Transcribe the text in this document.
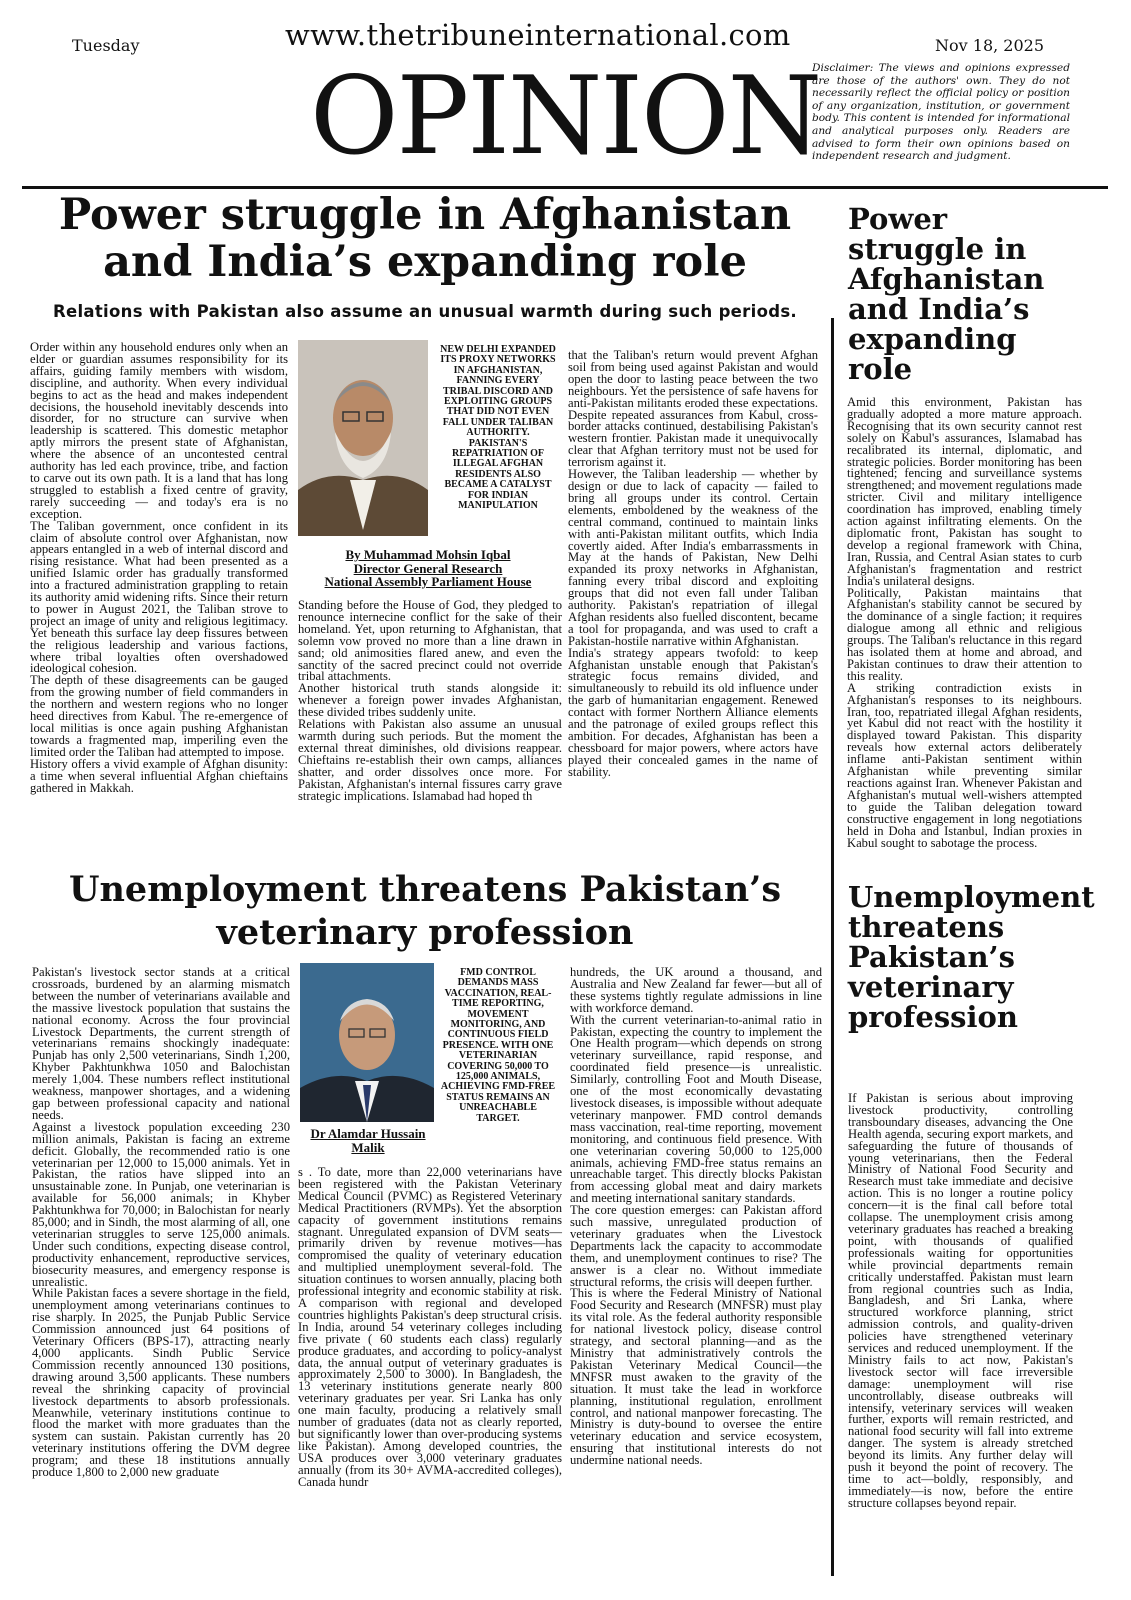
Tuesday	www.thetribuneinternational.com	Nov 18, 2025
OPINION
Disclaimer: The views and opinions expressed are those of the authors' own. They do not necessarily reflect the official policy or position of any organization, institution, or government body. This content is intended for informational and analytical purposes only. Readers are advised to form their own opinions based on independent research and judgment.
Power struggle in Afghanistan and India’s expanding role
Relations with Pakistan also assume an unusual warmth during such periods.

Order within any household endures only when an elder or guardian assumes responsibility for its affairs, guiding family members with wisdom, discipline, and authority. When every individual begins to act as the head and makes independent decisions, the household inevitably descends into disorder, for no structure can survive when leadership is scattered. This domestic metaphor aptly mirrors the present state of Afghanistan, where the absence of an uncontested central authority has led each province, tribe, and faction to carve out its own path. It is a land that has long struggled to establish a fixed centre of gravity, rarely succeeding — and today's era is no exception.

The Taliban government, once confident in its claim of absolute control over Afghanistan, now appears entangled in a web of internal discord and rising resistance. What had been presented as a unified Islamic order has gradually transformed into a fractured administration grappling to retain its authority amid widening rifts. Since their return to power in August 2021, the Taliban strove to project an image of unity and religious legitimacy. Yet beneath this surface lay deep fissures between the religious leadership and various factions, where tribal loyalties often overshadowed ideological cohesion.

The depth of these disagreements can be gauged from the growing number of field commanders in the northern and western regions who no longer heed directives from Kabul. The re-emergence of local militias is once again pushing Afghanistan towards a fragmented map, imperiling even the limited order the Taliban had attempted to impose.

History offers a vivid example of Afghan disunity: a time when several influential Afghan chieftains gathered in Makkah.

NEW DELHI EXPANDED ITS PROXY NETWORKS IN AFGHANISTAN, FANNING EVERY TRIBAL DISCORD AND EXPLOITING GROUPS THAT DID NOT EVEN FALL UNDER TALIBAN AUTHORITY. PAKISTAN'S REPATRIATION OF ILLEGAL AFGHAN RESIDENTS ALSO BECAME A CATALYST FOR INDIAN MANIPULATION
By Muhammad Mohsin Iqbal
Director General Research
National Assembly Parliament House

Standing before the House of God, they pledged to renounce internecine conflict for the sake of their homeland. Yet, upon returning to Afghanistan, that solemn vow proved no more than a line drawn in sand; old animosities flared anew, and even the sanctity of the sacred precinct could not override tribal attachments.

Another historical truth stands alongside it: whenever a foreign power invades Afghanistan, these divided tribes suddenly unite.

Relations with Pakistan also assume an unusual warmth during such periods. But the moment the external threat diminishes, old divisions reappear. Chieftains re-establish their own camps, alliances shatter, and order dissolves once more. For Pakistan, Afghanistan's internal fissures carry grave strategic implications. Islamabad had hoped th

that the Taliban's return would prevent Afghan soil from being used against Pakistan and would open the door to lasting peace between the two neighbours. Yet the persistence of safe havens for anti-Pakistan militants eroded these expectations. Despite repeated assurances from Kabul, cross-border attacks continued, destabilising Pakistan's western frontier. Pakistan made it unequivocally clear that Afghan territory must not be used for terrorism against it.

However, the Taliban leadership — whether by design or due to lack of capacity — failed to bring all groups under its control. Certain elements, emboldened by the weakness of the central command, continued to maintain links with anti-Pakistan militant outfits, which India covertly aided. After India's embarrassments in May at the hands of Pakistan, New Delhi expanded its proxy networks in Afghanistan, fanning every tribal discord and exploiting groups that did not even fall under Taliban authority. Pakistan's repatriation of illegal Afghan residents also fuelled discontent, became a tool for propaganda, and was used to craft a Pakistan-hostile narrative within Afghanistan.

India's strategy appears twofold: to keep Afghanistan unstable enough that Pakistan's strategic focus remains divided, and simultaneously to rebuild its old influence under the garb of humanitarian engagement. Renewed contact with former Northern Alliance elements and the patronage of exiled groups reflect this ambition. For decades, Afghanistan has been a chessboard for major powers, where actors have played their concealed games in the name of stability.

Power struggle in Afghanistan and India’s expanding role

Amid this environment, Pakistan has gradually adopted a more mature approach. Recognising that its own security cannot rest solely on Kabul's assurances, Islamabad has recalibrated its internal, diplomatic, and strategic policies. Border monitoring has been tightened; fencing and surveillance systems strengthened; and movement regulations made stricter. Civil and military intelligence coordination has improved, enabling timely action against infiltrating elements. On the diplomatic front, Pakistan has sought to develop a regional framework with China, Iran, Russia, and Central Asian states to curb Afghanistan's fragmentation and restrict India's unilateral designs.

Politically, Pakistan maintains that Afghanistan's stability cannot be secured by the dominance of a single faction; it requires dialogue among all ethnic and religious groups. The Taliban's reluctance in this regard has isolated them at home and abroad, and Pakistan continues to draw their attention to this reality.

A striking contradiction exists in Afghanistan's responses to its neighbours. Iran, too, repatriated illegal Afghan residents, yet Kabul did not react with the hostility it displayed toward Pakistan. This disparity reveals how external actors deliberately inflame anti-Pakistan sentiment within Afghanistan while preventing similar reactions against Iran. Whenever Pakistan and Afghanistan's mutual well-wishers attempted to guide the Taliban delegation toward constructive engagement in long negotiations held in Doha and Istanbul, Indian proxies in Kabul sought to sabotage the process.

Unemployment threatens Pakistan’s veterinary profession

Pakistan's livestock sector stands at a critical crossroads, burdened by an alarming mismatch between the number of veterinarians available and the massive livestock population that sustains the national economy. Across the four provincial Livestock Departments, the current strength of veterinarians remains shockingly inadequate: Punjab has only 2,500 veterinarians, Sindh 1,200, Khyber Pakhtunkhwa 1050 and Balochistan merely 1,004. These numbers reflect institutional weakness, manpower shortages, and a widening gap between professional capacity and national needs.

Against a livestock population exceeding 230 million animals, Pakistan is facing an extreme deficit. Globally, the recommended ratio is one veterinarian per 12,000 to 15,000 animals. Yet in Pakistan, the ratios have slipped into an unsustainable zone. In Punjab, one veterinarian is available for 56,000 animals; in Khyber Pakhtunkhwa for 70,000; in Balochistan for nearly 85,000; and in Sindh, the most alarming of all, one veterinarian struggles to serve 125,000 animals. Under such conditions, expecting disease control, productivity enhancement, reproductive services, biosecurity measures, and emergency response is unrealistic.

While Pakistan faces a severe shortage in the field, unemployment among veterinarians continues to rise sharply. In 2025, the Punjab Public Service Commission announced just 64 positions of Veterinary Officers (BPS-17), attracting nearly 4,000 applicants. Sindh Public Service Commission recently announced 130 positions, drawing around 3,500 applicants. These numbers reveal the shrinking capacity of provincial livestock departments to absorb professionals. Meanwhile, veterinary institutions continue to flood the market with more graduates than the system can sustain. Pakistan currently has 20 veterinary institutions offering the DVM degree program; and these 18 institutions annually produce 1,800 to 2,000 new graduate

FMD CONTROL DEMANDS MASS VACCINATION, REAL-TIME REPORTING, MOVEMENT MONITORING, AND CONTINUOUS FIELD PRESENCE. WITH ONE VETERINARIAN COVERING 50,000 TO 125,000 ANIMALS, ACHIEVING FMD-FREE STATUS REMAINS AN UNREACHABLE TARGET.
Dr Alamdar Hussain Malik

s . To date, more than 22,000 veterinarians have been registered with the Pakistan Veterinary Medical Council (PVMC) as Registered Veterinary Medical Practitioners (RVMPs). Yet the absorption capacity of government institutions remains stagnant. Unregulated expansion of DVM seats—primarily driven by revenue motives—has compromised the quality of veterinary education and multiplied unemployment several-fold. The situation continues to worsen annually, placing both professional integrity and economic stability at risk. A comparison with regional and developed countries highlights Pakistan's deep structural crisis. In India, around 54 veterinary colleges including five private ( 60 students each class) regularly produce graduates, and according to policy-analyst data, the annual output of veterinary graduates is approximately 2,500 to 3000). In Bangladesh, the 13 veterinary institutions generate nearly 800 veterinary graduates per year. Sri Lanka has only one main faculty, producing a relatively small number of graduates (data not as clearly reported, but significantly lower than over-producing systems like Pakistan). Among developed countries, the USA produces over 3,000 veterinary graduates annually (from its 30+ AVMA-accredited colleges), Canada hundr

hundreds, the UK around a thousand, and Australia and New Zealand far fewer—but all of these systems tightly regulate admissions in line with workforce demand.

With the current veterinarian-to-animal ratio in Pakistan, expecting the country to implement the One Health program—which depends on strong veterinary surveillance, rapid response, and coordinated field presence—is unrealistic. Similarly, controlling Foot and Mouth Disease, one of the most economically devastating livestock diseases, is impossible without adequate veterinary manpower. FMD control demands mass vaccination, real-time reporting, movement monitoring, and continuous field presence. With one veterinarian covering 50,000 to 125,000 animals, achieving FMD-free status remains an unreachable target. This directly blocks Pakistan from accessing global meat and dairy markets and meeting international sanitary standards.

The core question emerges: can Pakistan afford such massive, unregulated production of veterinary graduates when the Livestock Departments lack the capacity to accommodate them, and unemployment continues to rise? The answer is a clear no. Without immediate structural reforms, the crisis will deepen further.

This is where the Federal Ministry of National Food Security and Research (MNFSR) must play its vital role. As the federal authority responsible for national livestock policy, disease control strategy, and sectoral planning—and as the Ministry that administratively controls the Pakistan Veterinary Medical Council—the MNFSR must awaken to the gravity of the situation. It must take the lead in workforce planning, institutional regulation, enrollment control, and national manpower forecasting. The Ministry is duty-bound to oversee the entire veterinary education and service ecosystem, ensuring that institutional interests do not undermine national needs.

Unemployment threatens Pakistan’s veterinary profession

If Pakistan is serious about improving livestock productivity, controlling transboundary diseases, advancing the One Health agenda, securing export markets, and safeguarding the future of thousands of young veterinarians, then the Federal Ministry of National Food Security and Research must take immediate and decisive action. This is no longer a routine policy concern—it is the final call before total collapse. The unemployment crisis among veterinary graduates has reached a breaking point, with thousands of qualified professionals waiting for opportunities while provincial departments remain critically understaffed. Pakistan must learn from regional countries such as India, Bangladesh, and Sri Lanka, where structured workforce planning, strict admission controls, and quality-driven policies have strengthened veterinary services and reduced unemployment. If the Ministry fails to act now, Pakistan's livestock sector will face irreversible damage: unemployment will rise uncontrollably, disease outbreaks will intensify, veterinary services will weaken further, exports will remain restricted, and national food security will fall into extreme danger. The system is already stretched beyond its limits. Any further delay will push it beyond the point of recovery. The time to act—boldly, responsibly, and immediately—is now, before the entire structure collapses beyond repair.
